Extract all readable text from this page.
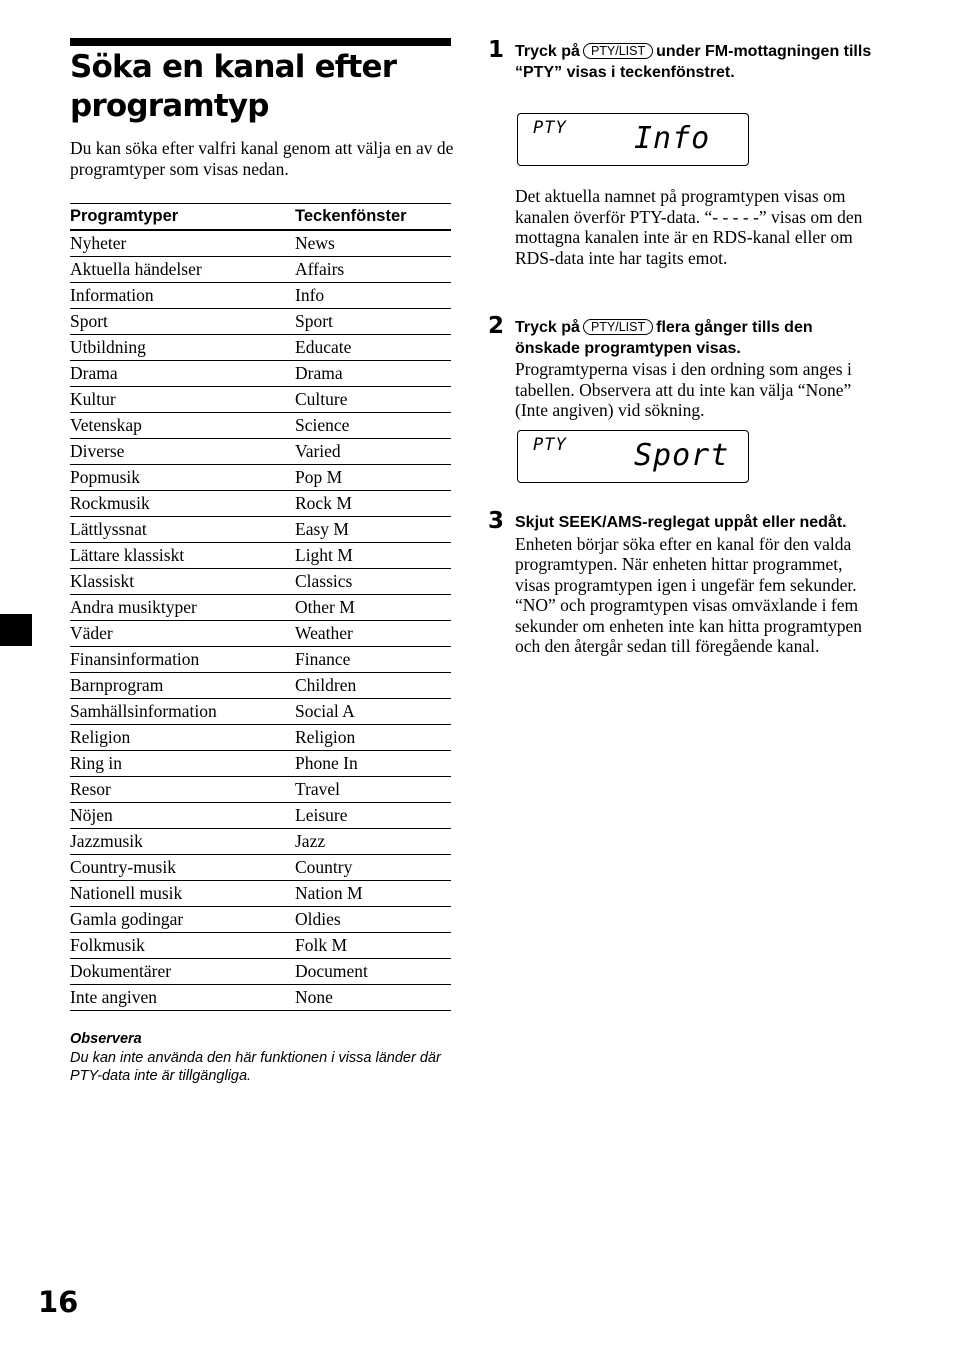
Söka en kanal efter programtyp

Du kan söka efter valfri kanal genom att välja en av de programtyper som visas nedan.

Programtyper	Teckenfönster
Nyheter	News
Aktuella händelser	Affairs
Information	Info
Sport	Sport
Utbildning	Educate
Drama	Drama
Kultur	Culture
Vetenskap	Science
Diverse	Varied
Popmusik	Pop M
Rockmusik	Rock M
Lättlyssnat	Easy M
Lättare klassiskt	Light M
Klassiskt	Classics
Andra musiktyper	Other M
Väder	Weather
Finansinformation	Finance
Barnprogram	Children
Samhällsinformation	Social A
Religion	Religion
Ring in	Phone In
Resor	Travel
Nöjen	Leisure
Jazzmusik	Jazz
Country-musik	Country
Nationell musik	Nation M
Gamla godingar	Oldies
Folkmusik	Folk M
Dokumentärer	Document
Inte angiven	None
Observera
Du kan inte använda den här funktionen i vissa länder där PTY-data inte är tillgängliga.
16
1 Tryck på PTY/LIST under FM-mottagningen tills “PTY” visas i teckenfönstret.
PTY Info
Det aktuella namnet på programtypen visas om kanalen överför PTY-data. “- - - - -” visas om den mottagna kanalen inte är en RDS-kanal eller om RDS-data inte har tagits emot.
2 Tryck på PTY/LIST flera gånger tills den önskade programtypen visas.
Programtyperna visas i den ordning som anges i tabellen. Observera att du inte kan välja “None” (Inte angiven) vid sökning.
PTY Sport
3 Skjut SEEK/AMS-reglegat uppåt eller nedåt.
Enheten börjar söka efter en kanal för den valda programtypen. När enheten hittar programmet, visas programtypen igen i ungefär fem sekunder.
“NO” och programtypen visas omväxlande i fem sekunder om enheten inte kan hitta programtypen och den återgår sedan till föregående kanal.
